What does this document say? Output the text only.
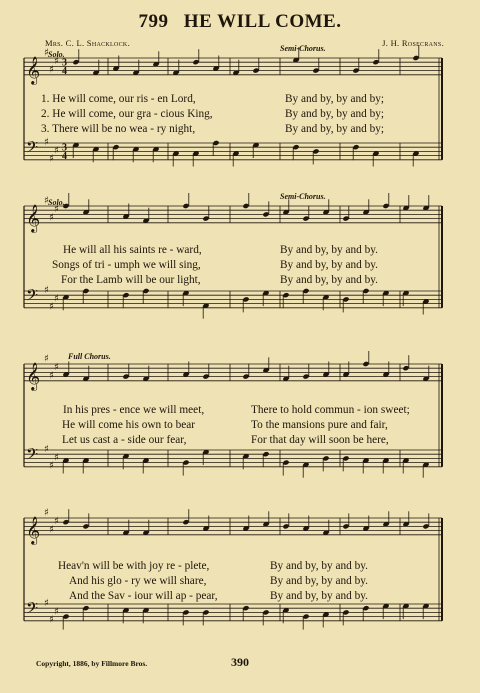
799 HE WILL COME.
Mrs. C. L. Shacklock.	J. H. Rosecrans.
𝄞
𝄢
♯
♯
♯
♯
♯
♯
3
3
4
4
Solo.
Semi-Chorus.
1. He will come, our ris - en Lord,	By and by, by and by;
2. He will come, our gra - cious King,	By and by, by and by;
3. There will be no wea - ry night,	By and by, by and by;
𝄞
𝄢
♯
♯
♯
♯
♯
♯
Solo.
Semi-Chorus.
He will all his saints re - ward,	By and by, by and by.
Songs of tri - umph we will sing,	By and by, by and by.
For the Lamb will be our light,	By and by, by and by.
𝄞
𝄢
♯
♯
♯
♯
♯
♯
Full Chorus.
In his pres - ence we will meet,	There to hold commun - ion sweet;
He will come his own to bear	To the mansions pure and fair,
Let us cast a - side our fear,	For that day will soon be here,
𝄞
𝄢
♯
♯
♯
♯
♯
♯
Heav'n will be with joy re - plete,	By and by, by and by.
And his glo - ry we will share,	By and by, by and by.
And the Sav - iour will ap - pear,	By and by, by and by.
Copyright, 1886, by Fillmore Bros.	390
